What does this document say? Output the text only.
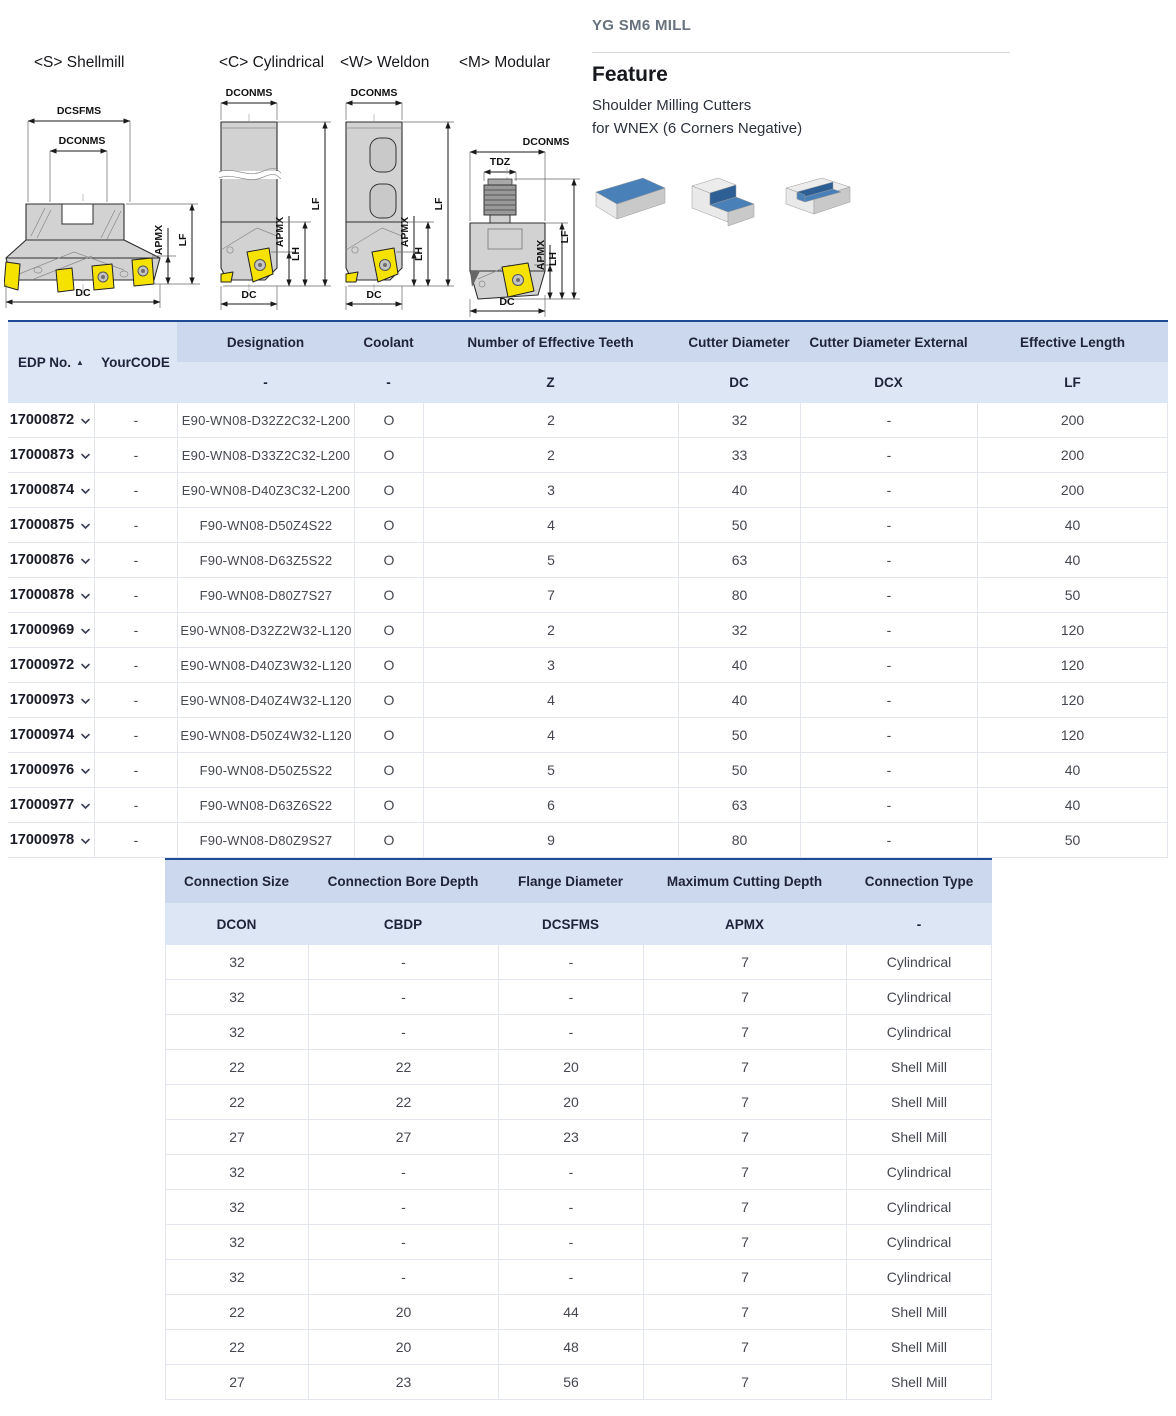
<S> Shellmill	<C> Cylindrical <W> Weldon <M> Modular
DCSFMS
DCONMS
APMX LF
DC
DCONMS
APMX
LH
LF
DC
DCONMS
APMX
LH
LF
DC
DCONMS
TDZ
APMX LH
LF
DC
YG SM6 MILL
Feature
Shoulder Milling Cutters
for WNEX (6 Corners Negative)
EDP No. ▲	YourCODE
Designation	Coolant	Number of Effective Teeth	Cutter Diameter	Cutter Diameter External	Effective Length
-	-	Z	DC	DCX	LF
17000872	-	E90-WN08-D32Z2C32-L200	O	2	32	-	200
17000873	-	E90-WN08-D33Z2C32-L200	O	2	33	-	200
17000874	-	E90-WN08-D40Z3C32-L200	O	3	40	-	200
17000875	-	F90-WN08-D50Z4S22	O	4	50	-	40
17000876	-	F90-WN08-D63Z5S22	O	5	63	-	40
17000878	-	F90-WN08-D80Z7S27	O	7	80	-	50
17000969	-	E90-WN08-D32Z2W32-L120	O	2	32	-	120
17000972	-	E90-WN08-D40Z3W32-L120	O	3	40	-	120
17000973	-	E90-WN08-D40Z4W32-L120	O	4	40	-	120
17000974	-	E90-WN08-D50Z4W32-L120	O	4	50	-	120
17000976	-	F90-WN08-D50Z5S22	O	5	50	-	40
17000977	-	F90-WN08-D63Z6S22	O	6	63	-	40
17000978	-	F90-WN08-D80Z9S27	O	9	80	-	50
Connection Size	Connection Bore Depth	Flange Diameter	Maximum Cutting Depth	Connection Type
DCON	CBDP	DCSFMS	APMX	-
32	-	-	7	Cylindrical
32	-	-	7	Cylindrical
32	-	-	7	Cylindrical
22	22	20	7	Shell Mill
22	22	20	7	Shell Mill
27	27	23	7	Shell Mill
32	-	-	7	Cylindrical
32	-	-	7	Cylindrical
32	-	-	7	Cylindrical
32	-	-	7	Cylindrical
22	20	44	7	Shell Mill
22	20	48	7	Shell Mill
27	23	56	7	Shell Mill
